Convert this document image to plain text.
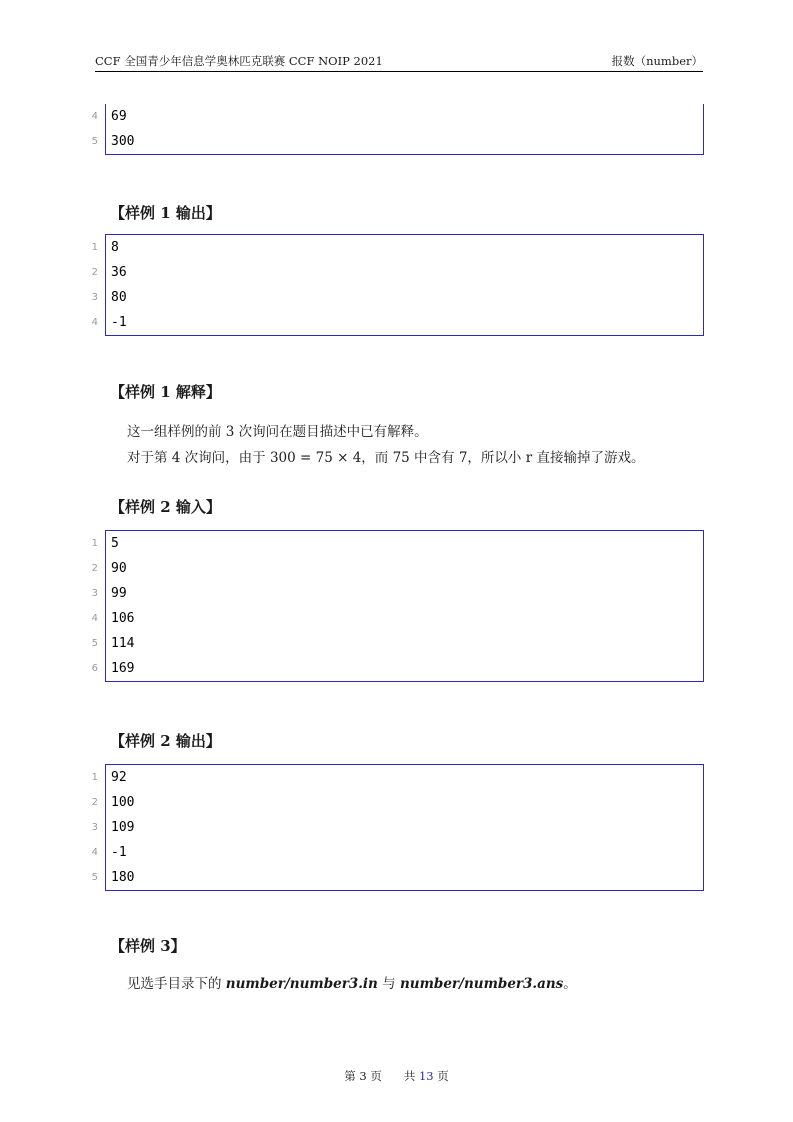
CCF 全国青少年信息学奥林匹克联赛 CCF NOIP 2021	报数（number）
4 69
5 300
【样例 1 输出】
1 8
2 36
3 80
4 -1
【样例 1 解释】
这一组样例的前 3 次询问在题目描述中已有解释。
对于第 4 次询问，由于 300 = 75 × 4，而 75 中含有 7，所以小 r 直接输掉了游戏。
【样例 2 输入】
1 5
2 90
3 99
4 106
5 114
6 169
【样例 2 输出】
1 92
2 100
3 109
4 -1
5 180
【样例 3】
见选手目录下的 number/number3.in 与 number/number3.ans。
第 3 页 共 13 页
